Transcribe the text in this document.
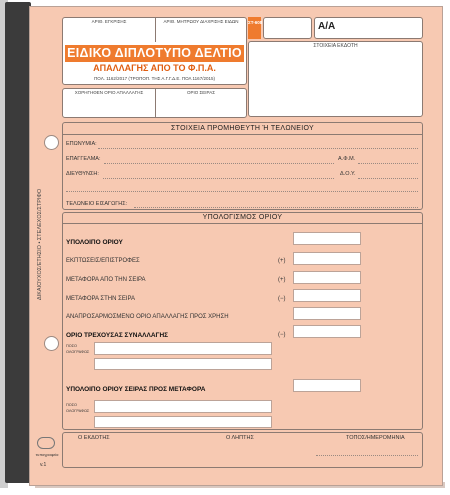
ΔΙΚΑΙΟΥΧΟΣ/ΕΤΗΣΙΟ • ΣΤΕΛΕΧΟΣ/ΣΤΡΙΦΟ
τυπογραφεία
v.1
ΑΡΙΘ. ΕΓΚΡΙΣΗΣ	ΑΡΙΘ. ΜΗΤΡΩΟΥ ΔΙΑΧΡΙΣΗΣ ΕΙΔΩΝ
ΕΙΔΙΚΟ ΔΙΠΛΟΤΥΠΟ ΔΕΛΤΙΟ
ΑΠΑΛΛΑΓΗΣ ΑΠΟ ΤΟ Φ.Π.Α.
ΠΟΛ. 1162/2017 (ΤΡΟΠΟΠ. ΤΗΣ Α.Γ.Γ.Δ.Ε. ΠΟΛ 1167/2015)
ΣΤ-608	Α/Α
ΣΤΟΙΧΕΙΑ ΕΚΔΟΤΗ
ΧΟΡΗΓΗΘΕΝ ΟΡΙΟ ΑΠΑΛΛΑΓΗΣ	ΟΡΙΟ ΣΕΙΡΑΣ
ΣΤΟΙΧΕΙΑ ΠΡΟΜΗΘΕΥΤΗ Ή ΤΕΛΩΝΕΙΟΥ
ΕΠΩΝΥΜΙΑ:
ΕΠΑΓΓΕΛΜΑ:	Α.Φ.Μ.
ΔΙΕΥΘΥΝΣΗ:	Δ.Ο.Υ.
ΤΕΛΩΝΕΙΟ ΕΙΣΑΓΩΓΗΣ:
ΥΠΟΛΟΓΙΣΜΟΣ ΟΡΙΟΥ
ΥΠΟΛΟΙΠΟ ΟΡΙΟΥ
ΕΚΠΤΩΣΕΙΣ/ΕΠΙΣΤΡΟΦΕΣ	(+)
ΜΕΤΑΦΟΡΑ ΑΠΟ ΤΗΝ ΣΕΙΡΑ	(+)
ΜΕΤΑΦΟΡΑ ΣΤΗΝ ΣΕΙΡΑ	(−)
ΑΝΑΠΡΟΣΑΡΜΟΣΜΕΝΟ ΟΡΙΟ ΑΠΑΛΛΑΓΗΣ ΠΡΟΣ ΧΡΗΣΗ
ΟΡΙΟ ΤΡΕΧΟΥΣΑΣ ΣΥΝΑΛΛΑΓΗΣ	(−)
ΠΟΣΟ
ΟΛΟΓΡΑΦΩΣ
ΥΠΟΛΟΙΠΟ ΟΡΙΟΥ ΣΕΙΡΑΣ ΠΡΟΣ ΜΕΤΑΦΟΡΑ
ΠΟΣΟ
ΟΛΟΓΡΑΦΩΣ
Ο ΕΚΔΟΤΗΣ	Ο ΛΗΠΤΗΣ	ΤΟΠΟΣ/ΗΜΕΡΟΜΗΝΙΑ
